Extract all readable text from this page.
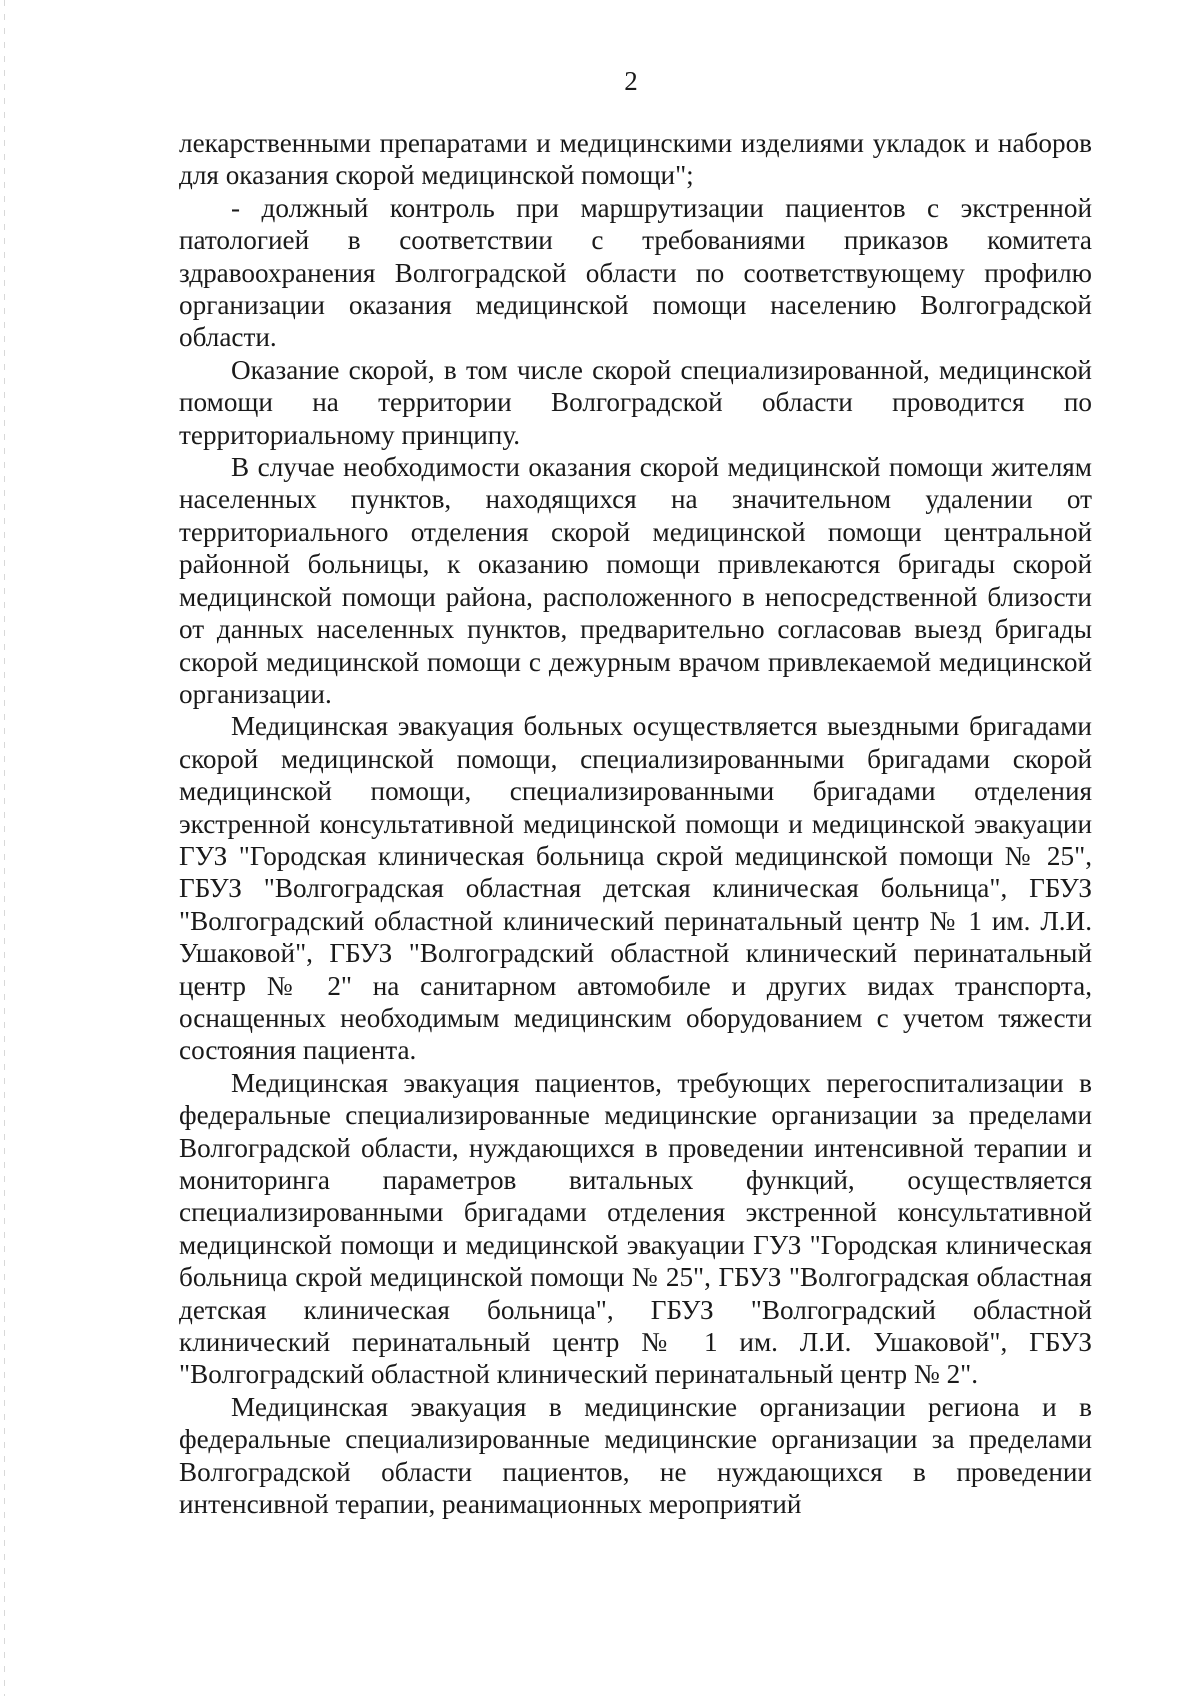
2

лекарственными препаратами и медицинскими изделиями укладок и наборов для оказания скорой медицинской помощи";

- должный контроль при маршрутизации пациентов с экстренной патологией в соответствии с требованиями приказов комитета здравоохранения Волгоградской области по соответствующему профилю организации оказания медицинской помощи населению Волгоградской области.

Оказание скорой, в том числе скорой специализированной, медицинской помощи на территории Волгоградской области проводится по территориальному принципу.

В случае необходимости оказания скорой медицинской помощи жителям населенных пунктов, находящихся на значительном удалении от территориального отделения скорой медицинской помощи центральной районной больницы, к оказанию помощи привлекаются бригады скорой медицинской помощи района, расположенного в непосредственной близости от данных населенных пунктов, предварительно согласовав выезд бригады скорой медицинской помощи с дежурным врачом привлекаемой медицинской организации.

Медицинская эвакуация больных осуществляется выездными бригадами скорой медицинской помощи, специализированными бригадами скорой медицинской помощи, специализированными бригадами отделения экстренной консультативной медицинской помощи и медицинской эвакуации ГУЗ "Городская клиническая больница скрой медицинской помощи № 25", ГБУЗ "Волгоградская областная детская клиническая больница", ГБУЗ "Волгоградский областной клинический перинатальный центр № 1 им. Л.И. Ушаковой", ГБУЗ "Волгоградский областной клинический перинатальный центр № 2" на санитарном автомобиле и других видах транспорта, оснащенных необходимым медицинским оборудованием с учетом тяжести состояния пациента.

Медицинская эвакуация пациентов, требующих перегоспитализации в федеральные специализированные медицинские организации за пределами Волгоградской области, нуждающихся в проведении интенсивной терапии и мониторинга параметров витальных функций, осуществляется специализированными бригадами отделения экстренной консультативной медицинской помощи и медицинской эвакуации ГУЗ "Городская клиническая больница скрой медицинской помощи № 25", ГБУЗ "Волгоградская областная детская клиническая больница", ГБУЗ "Волгоградский областной клинический перинатальный центр № 1 им. Л.И. Ушаковой", ГБУЗ "Волгоградский областной клинический перинатальный центр № 2".

Медицинская эвакуация в медицинские организации региона и в федеральные специализированные медицинские организации за пределами Волгоградской области пациентов, не нуждающихся в проведении интенсивной терапии, реанимационных мероприятий
